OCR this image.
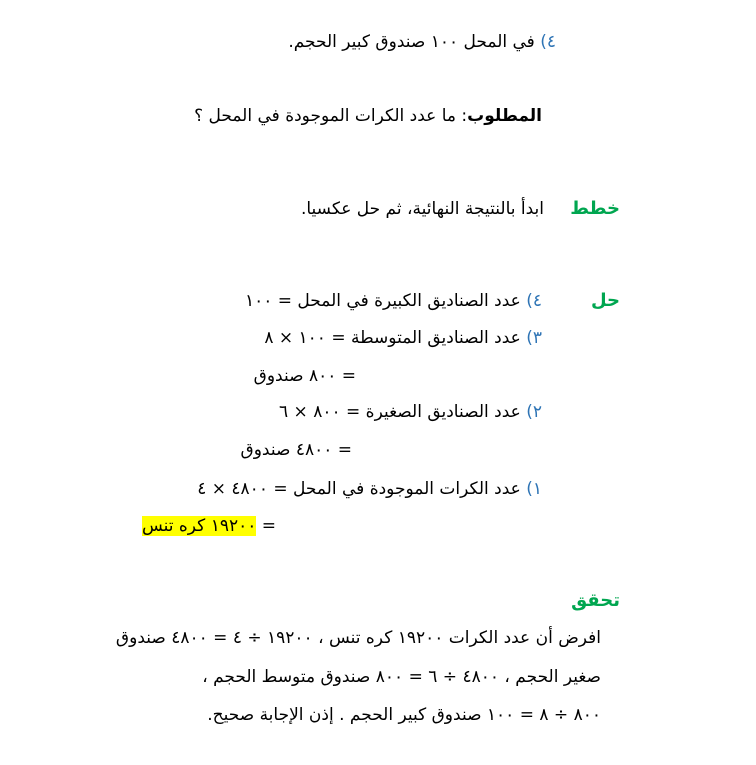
٤) في المحل ١٠٠ صندوق كبير الحجم.
المطلوب: ما عدد الكرات الموجودة في المحل ؟
خطط
ابدأ بالنتيجة النهائية، ثم حل عكسيا.
حل
٤) عدد الصناديق الكبيرة في المحل = ١٠٠
٣) عدد الصناديق المتوسطة = ١٠٠ × ٨
= ٨٠٠ صندوق
٢) عدد الصناديق الصغيرة = ٨٠٠ × ٦
= ٤٨٠٠ صندوق
١) عدد الكرات الموجودة في المحل = ٤٨٠٠ × ٤
= ١٩٢٠٠ كره تنس
تحقق
افرض أن عدد الكرات ١٩٢٠٠ كره تنس ، ١٩٢٠٠ ÷ ٤ = ٤٨٠٠ صندوق
صغير الحجم ، ٤٨٠٠ ÷ ٦ = ٨٠٠ صندوق متوسط الحجم ،
٨٠٠ ÷ ٨ = ١٠٠ صندوق كبير الحجم . إذن الإجابة صحيح.
